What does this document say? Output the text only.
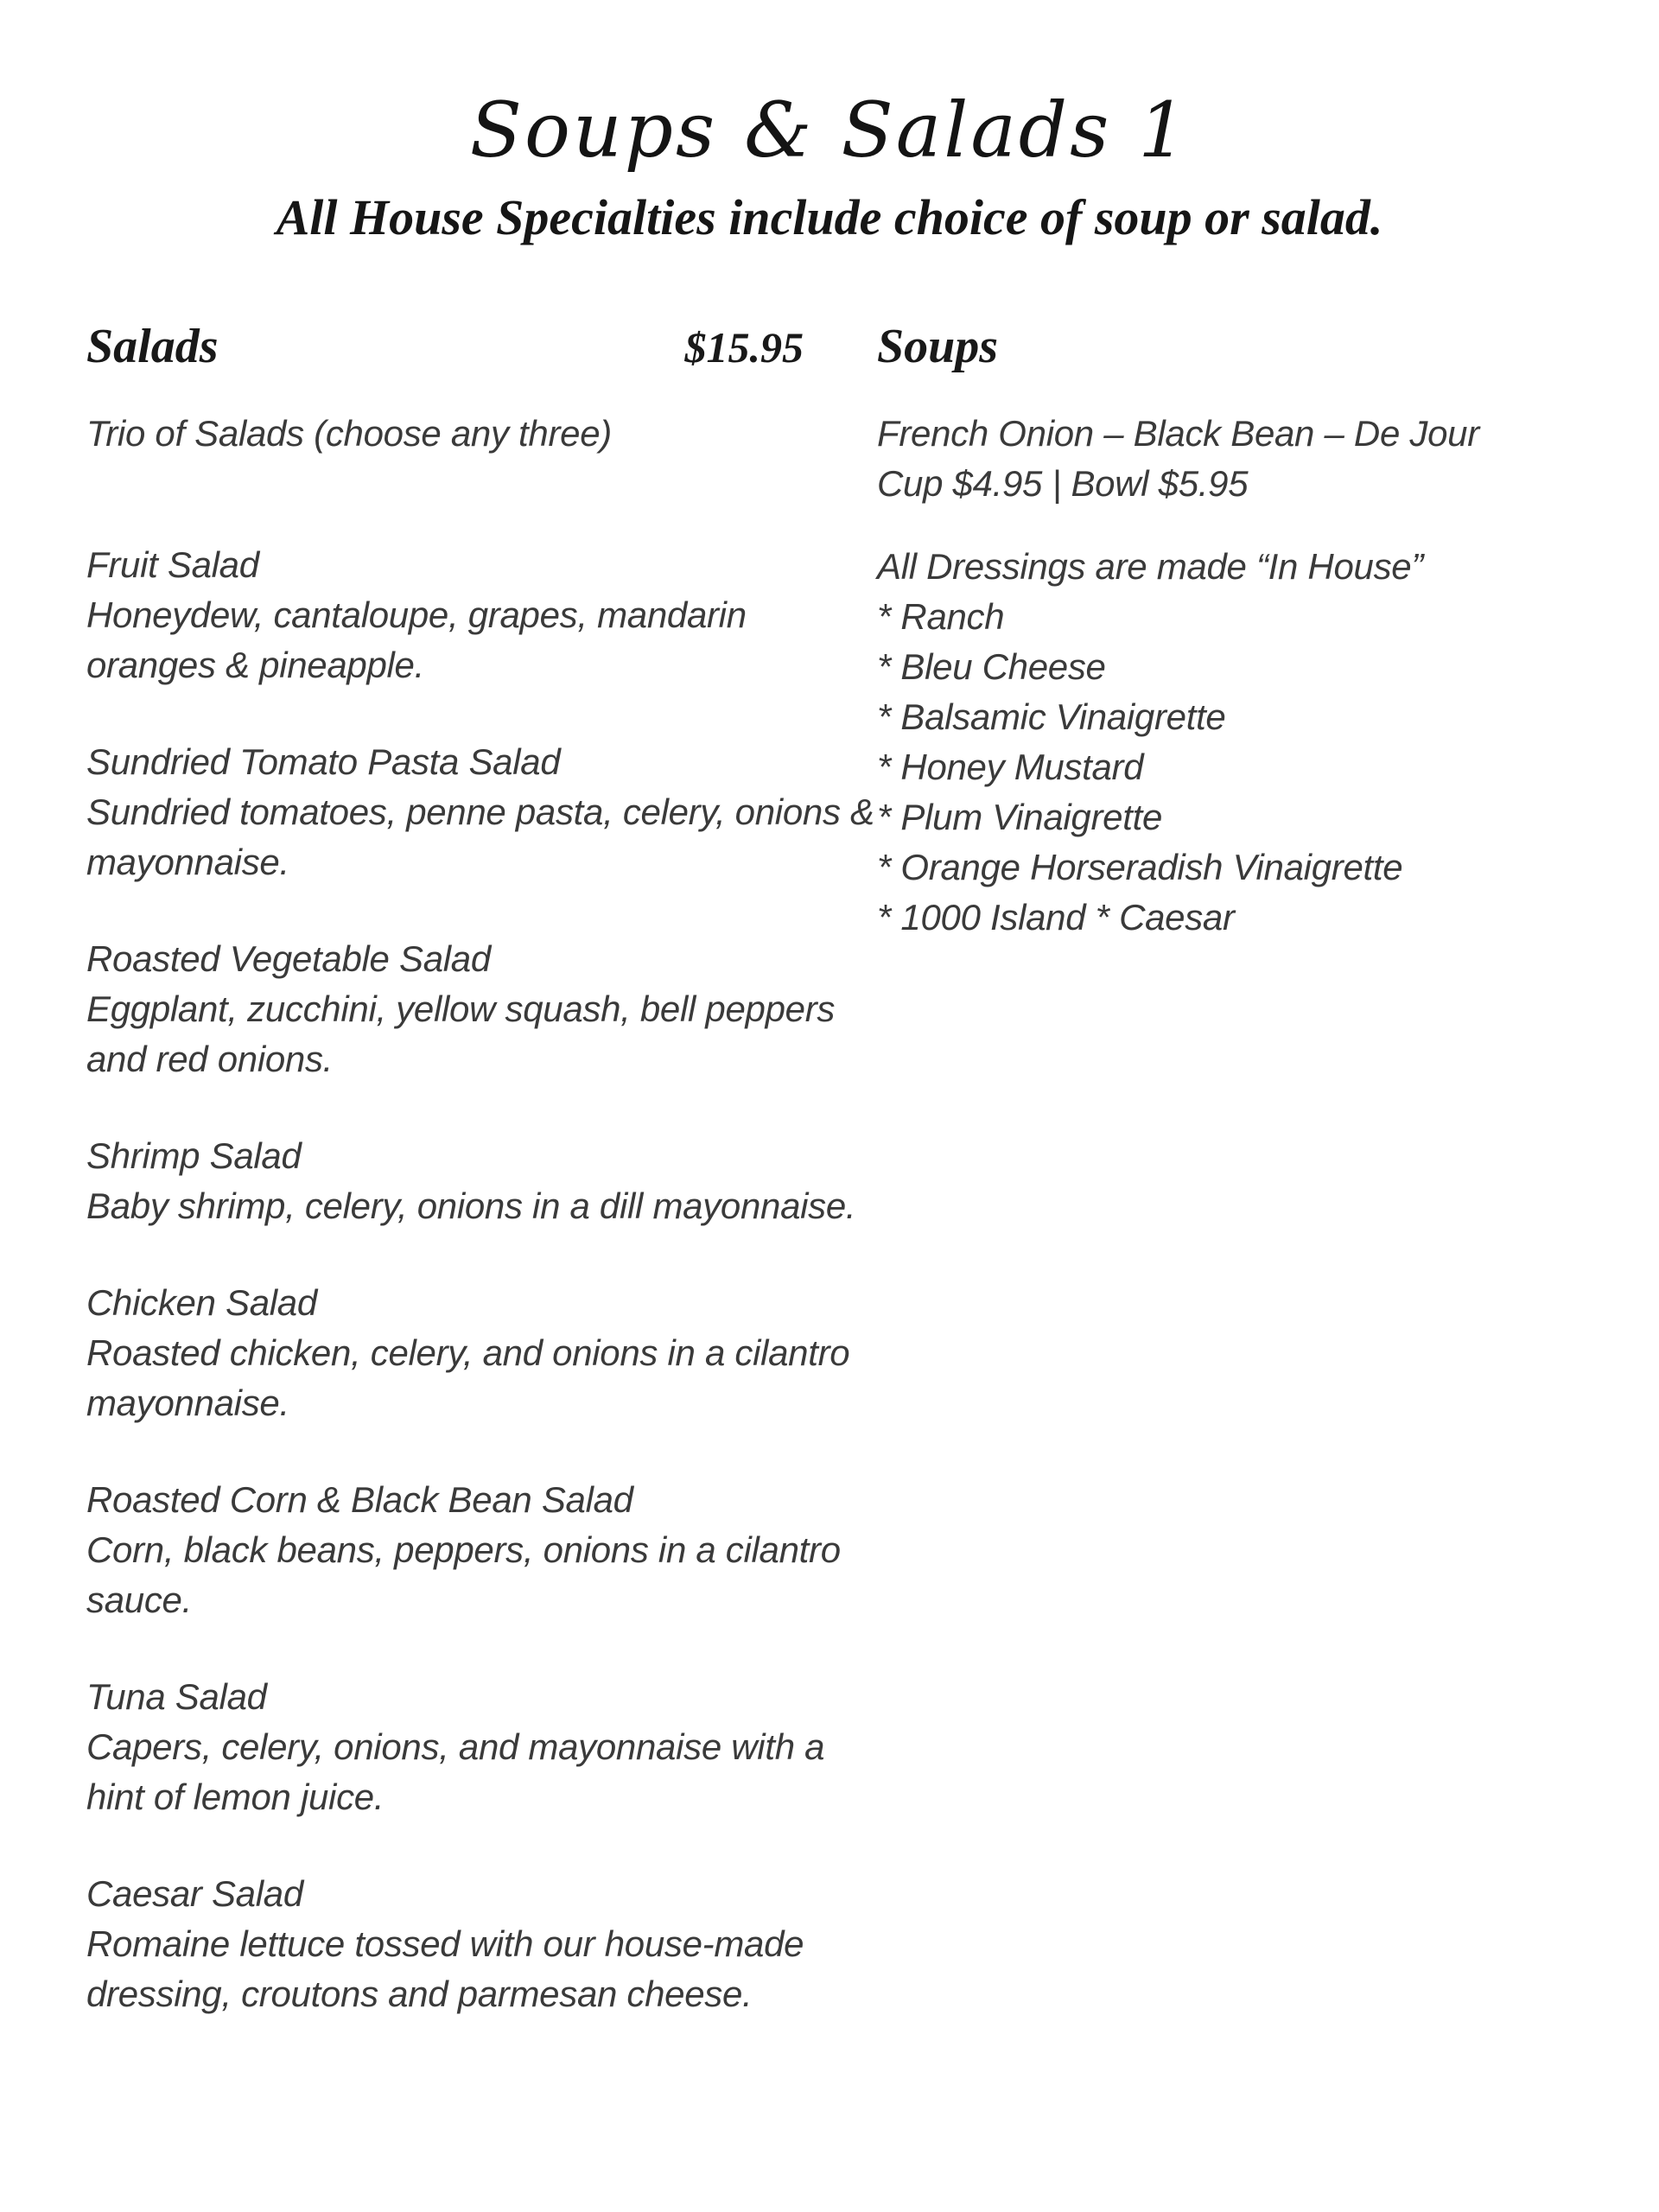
Soups & Salads 1
All House Specialties include choice of soup or salad.
Salads	$15.95
Trio of Salads (choose any three)
Fruit Salad
Honeydew, cantaloupe, grapes, mandarin
oranges & pineapple.
Sundried Tomato Pasta Salad
Sundried tomatoes, penne pasta, celery, onions &
mayonnaise.
Roasted Vegetable Salad
Eggplant, zucchini, yellow squash, bell peppers
and red onions.
Shrimp Salad
Baby shrimp, celery, onions in a dill mayonnaise.
Chicken Salad
Roasted chicken, celery, and onions in a cilantro
mayonnaise.
Roasted Corn & Black Bean Salad
Corn, black beans, peppers, onions in a cilantro
sauce.
Tuna Salad
Capers, celery, onions, and mayonnaise with a
hint of lemon juice.
Caesar Salad
Romaine lettuce tossed with our house-made
dressing, croutons and parmesan cheese.
Soups
French Onion – Black Bean – De Jour
Cup $4.95 | Bowl $5.95
All Dressings are made “In House”
* Ranch
* Bleu Cheese
* Balsamic Vinaigrette
* Honey Mustard
* Plum Vinaigrette
* Orange Horseradish Vinaigrette
* 1000 Island * Caesar
